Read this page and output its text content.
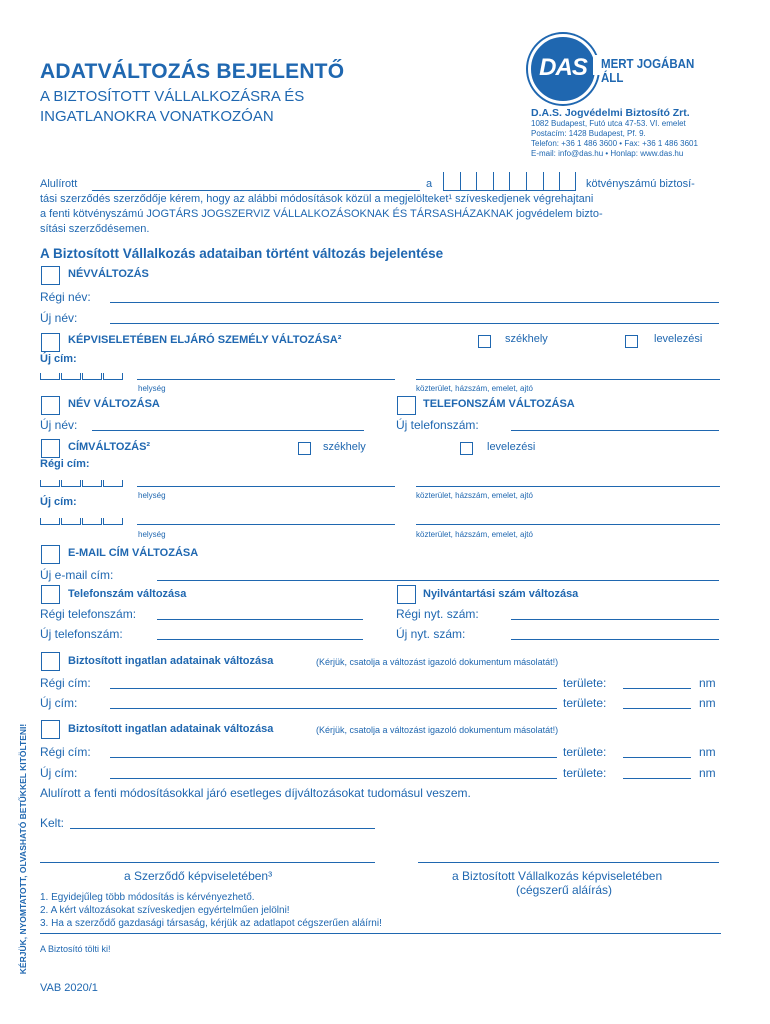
ADATVÁLTOZÁS BEJELENTŐ
A BIZTOSÍTOTT VÁLLALKOZÁSRA ÉS
INGATLANOKRA VONATKOZÓAN
DAS	MERT JOGÁBAN ÁLL
D.A.S. Jogvédelmi Biztosító Zrt.
1082 Budapest, Futó utca 47-53. VI. emelet
Postacím: 1428 Budapest, Pf. 9.
Telefon: +36 1 486 3600 • Fax: +36 1 486 3601
E-mail: info@das.hu • Honlap: www.das.hu
Alulírott	a	kötvényszámú biztosí-
tási szerződés szerződője kérem, hogy az alábbi módosítások közül a megjelölteket¹ szíveskedjenek végrehajtani
a fenti kötvényszámú JOGTÁRS JOGSZERVIZ VÁLLALKOZÁSOKNAK ÉS TÁRSASHÁZAKNAK jogvédelem bizto-
sítási szerződésemen.
A Biztosított Vállalkozás adataiban történt változás bejelentése
NÉVVÁLTOZÁS
Régi név:
Új név:
KÉPVISELETÉBEN ELJÁRÓ SZEMÉLY VÁLTOZÁSA²	székhely	levelezési
Új cím:
helység	közterület, házszám, emelet, ajtó
NÉV VÁLTOZÁSA	TELEFONSZÁM VÁLTOZÁSA
Új név:	Új telefonszám:
CÍMVÁLTOZÁS²	székhely	levelezési
Régi cím:
helység	közterület, házszám, emelet, ajtó
Új cím:
helység	közterület, házszám, emelet, ajtó
E-MAIL CÍM VÁLTOZÁSA
Új e-mail cím:
Telefonszám változása	Nyilvántartási szám változása
Régi telefonszám:	Régi nyt. szám:
Új telefonszám:	Új nyt. szám:
Biztosított ingatlan adatainak változása	(Kérjük, csatolja a változást igazoló dokumentum másolatát!)
Régi cím:	területe:	nm
Új cím:	területe:	nm
Biztosított ingatlan adatainak változása	(Kérjük, csatolja a változást igazoló dokumentum másolatát!)
Régi cím:	területe:	nm
Új cím:	területe:	nm
Alulírott a fenti módosításokkal járó esetleges díjváltozásokat tudomásul veszem.
Kelt:
a Szerződő képviseletében³	a Biztosított Vállalkozás képviseletében
(cégszerű aláírás)
1. Egyidejűleg több módosítás is kérvényezhető.
2. A kért változásokat szíveskedjen egyértelműen jelölni!
3. Ha a szerződő gazdasági társaság, kérjük az adatlapot cégszerűen aláírni!
A Biztosító tölti ki!
VAB 2020/1
KÉRJÜK, NYOMTATOTT, OLVASHATÓ BETŰKKEL KITÖLTENI!
